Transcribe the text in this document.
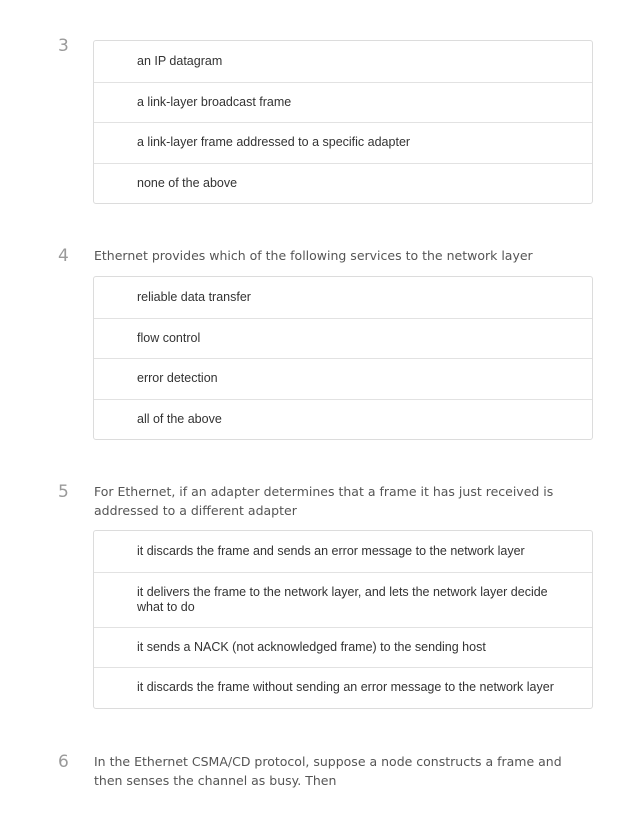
3
an IP datagram
a link-layer broadcast frame
a link-layer frame addressed to a specific adapter
none of the above
4 Ethernet provides which of the following services to the network layer
reliable data transfer
flow control
error detection
all of the above
5 For Ethernet, if an adapter determines that a frame it has just received is addressed to a different adapter
it discards the frame and sends an error message to the network layer
it delivers the frame to the network layer, and lets the network layer decide what to do
it sends a NACK (not acknowledged frame) to the sending host
it discards the frame without sending an error message to the network layer
6 In the Ethernet CSMA/CD protocol, suppose a node constructs a frame and then senses the channel as busy. Then
